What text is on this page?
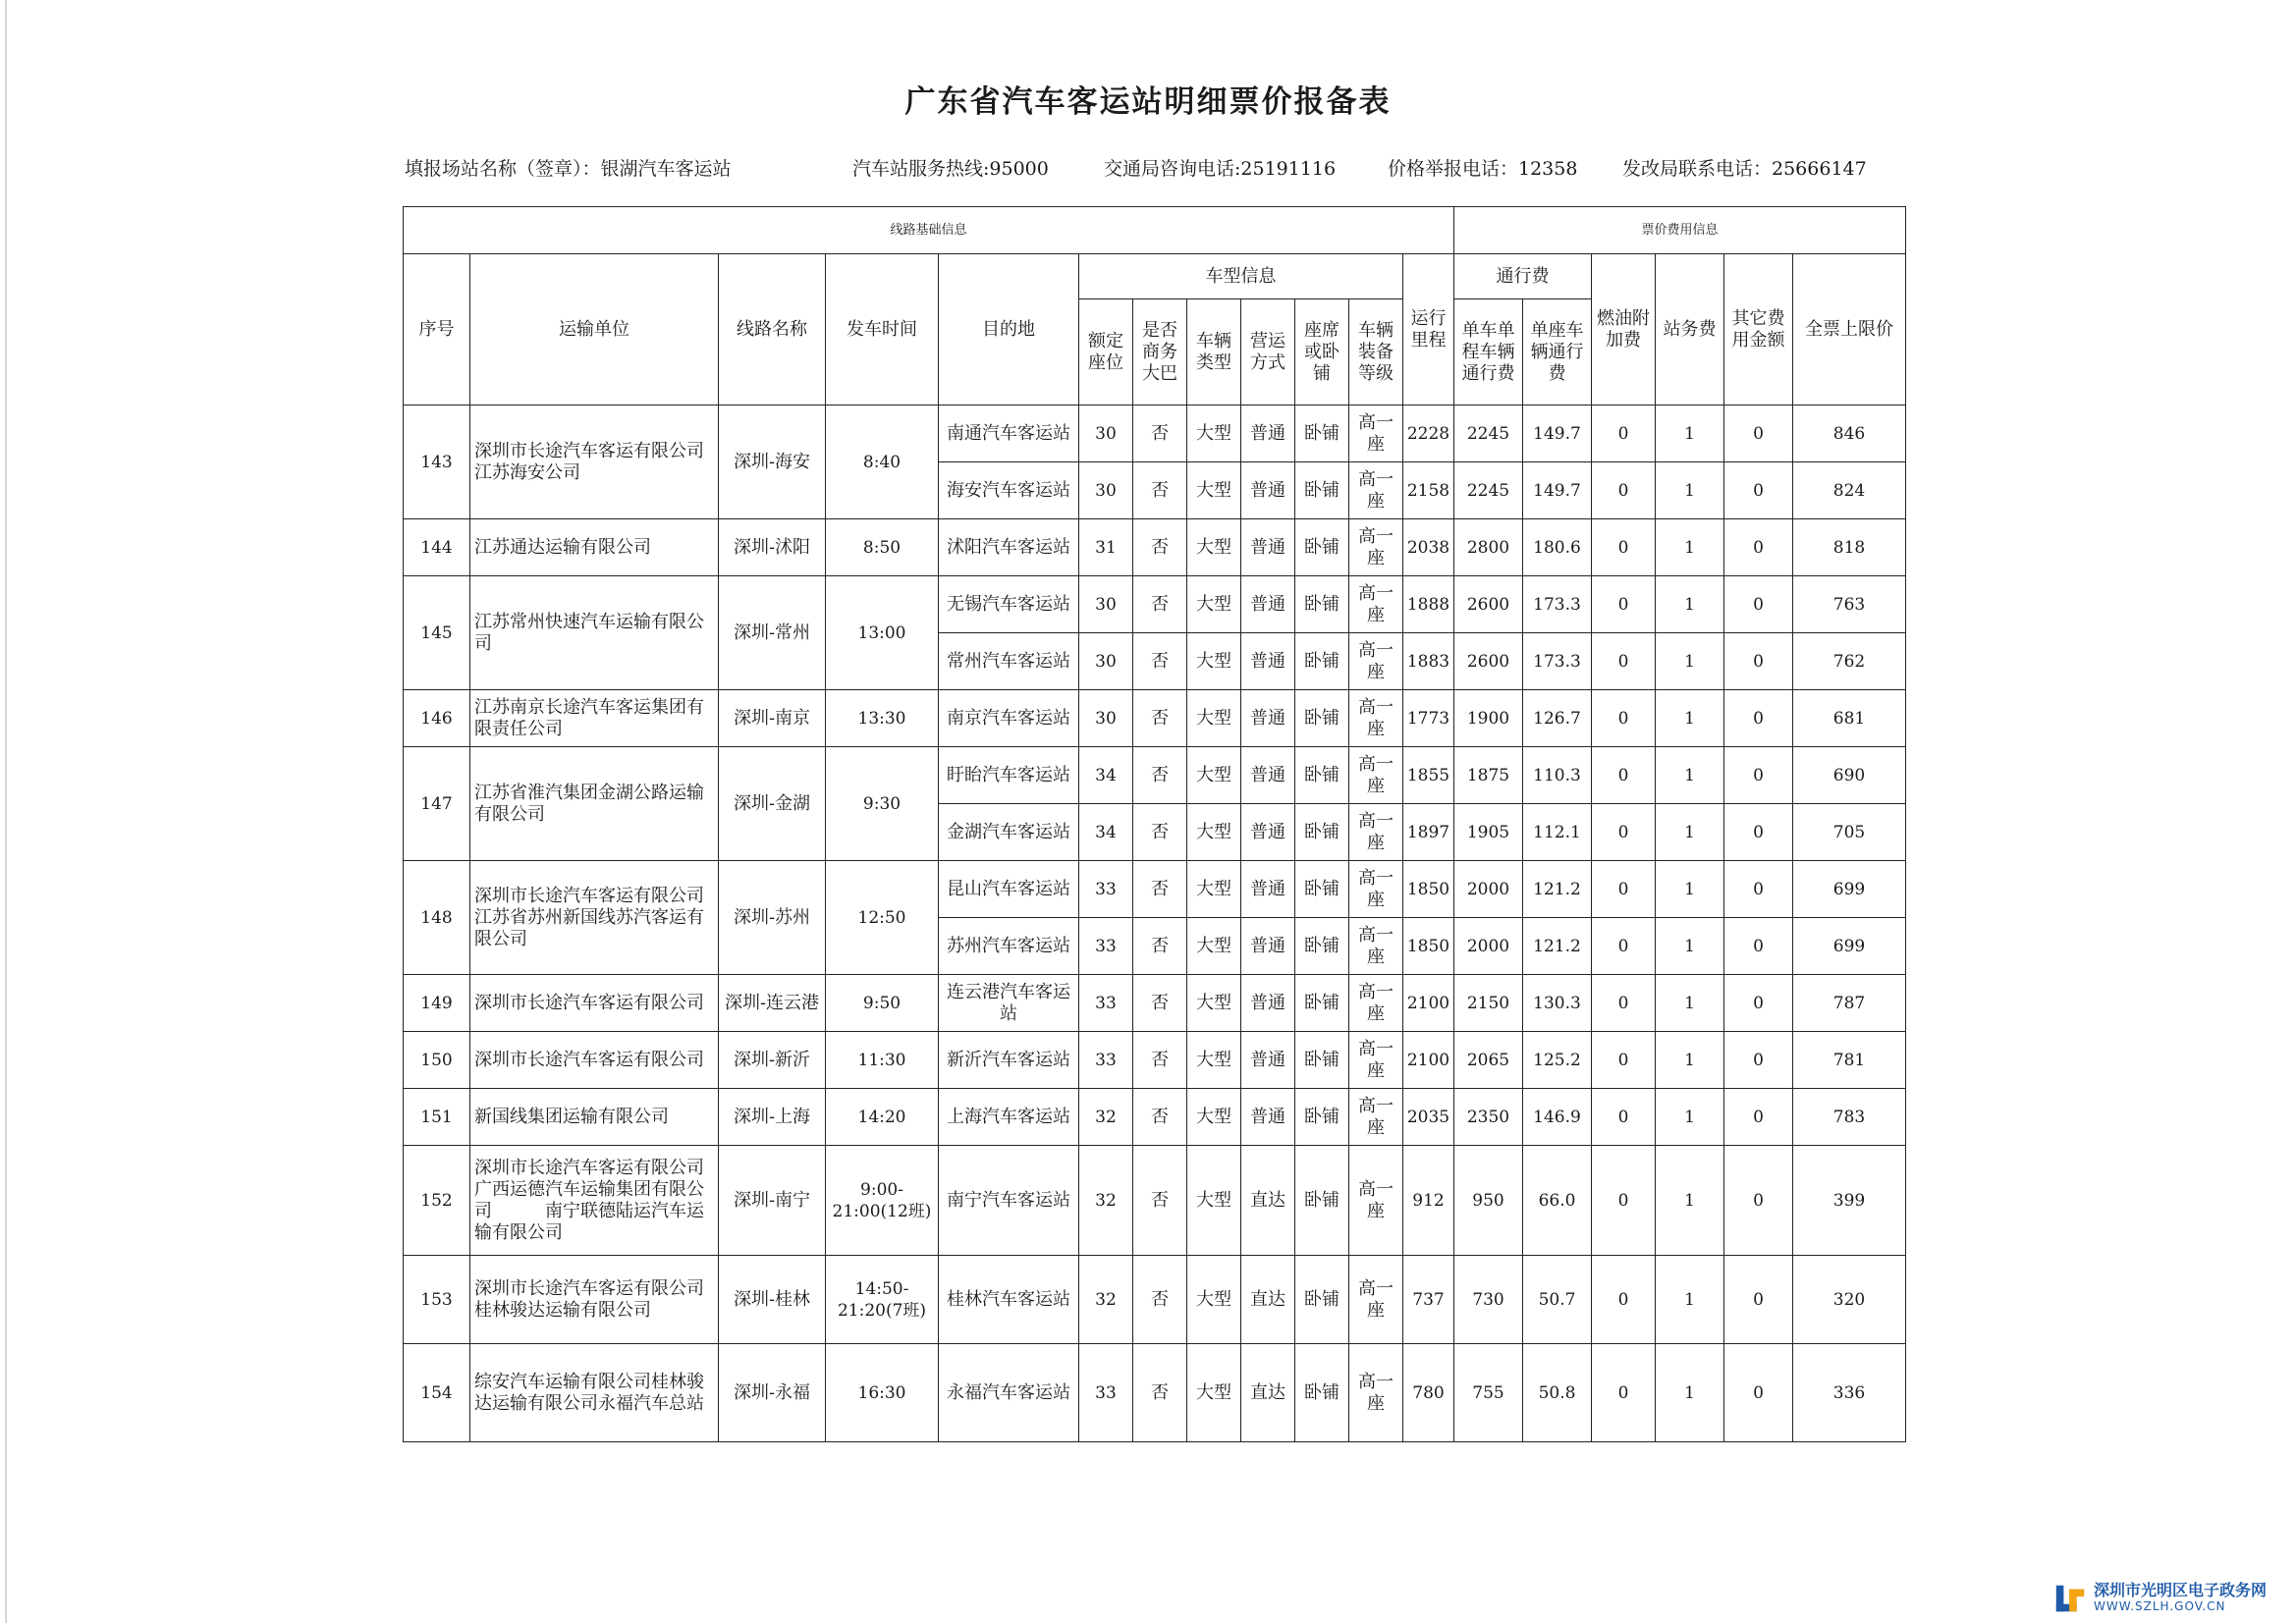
广东省汽车客运站明细票价报备表
填报场站名称（签章）：银湖汽车客运站	汽车站服务热线:95000	交通局咨询电话:25191116	价格举报电话：12358 发改局联系电话：25666147
线路基础信息												票价费用信息					
序号	运输单位	线路名称	发车时间	目的地	车型信息						运行里程	通行费		燃油附加费	站务费	其它费用金额	全票上限价
					额定座位	是否商务大巴	车辆类型	营运方式	座席或卧铺	车辆装备等级		单车单程车辆通行费	单座车辆通行费				
143	深圳市长途汽车客运有限公司江苏海安公司	深圳-海安	8:40	南通汽车客运站	30	否	大型	普通	卧铺	高一座	2228	2245	149.7	0	1	0	846
				海安汽车客运站	30	否	大型	普通	卧铺	高一座	2158	2245	149.7	0	1	0	824
144	江苏通达运输有限公司	深圳-沭阳	8:50	沭阳汽车客运站	31	否	大型	普通	卧铺	高一座	2038	2800	180.6	0	1	0	818
145	江苏常州快速汽车运输有限公司	深圳-常州	13:00	无锡汽车客运站	30	否	大型	普通	卧铺	高一座	1888	2600	173.3	0	1	0	763
				常州汽车客运站	30	否	大型	普通	卧铺	高一座	1883	2600	173.3	0	1	0	762
146	江苏南京长途汽车客运集团有限责任公司	深圳-南京	13:30	南京汽车客运站	30	否	大型	普通	卧铺	高一座	1773	1900	126.7	0	1	0	681
147	江苏省淮汽集团金湖公路运输有限公司	深圳-金湖	9:30	盱眙汽车客运站	34	否	大型	普通	卧铺	高一座	1855	1875	110.3	0	1	0	690
				金湖汽车客运站	34	否	大型	普通	卧铺	高一座	1897	1905	112.1	0	1	0	705
148	深圳市长途汽车客运有限公司江苏省苏州新国线苏汽客运有限公司	深圳-苏州	12:50	昆山汽车客运站	33	否	大型	普通	卧铺	高一座	1850	2000	121.2	0	1	0	699
				苏州汽车客运站	33	否	大型	普通	卧铺	高一座	1850	2000	121.2	0	1	0	699
149	深圳市长途汽车客运有限公司	深圳-连云港	9:50	连云港汽车客运站	33	否	大型	普通	卧铺	高一座	2100	2150	130.3	0	1	0	787
150	深圳市长途汽车客运有限公司	深圳-新沂	11:30	新沂汽车客运站	33	否	大型	普通	卧铺	高一座	2100	2065	125.2	0	1	0	781
151	新国线集团运输有限公司	深圳-上海	14:20	上海汽车客运站	32	否	大型	普通	卧铺	高一座	2035	2350	146.9	0	1	0	783
152	深圳市长途汽车客运有限公司广西运德汽车运输集团有限公司　　　南宁联德陆运汽车运输有限公司	深圳-南宁	9:00-21:00(12班)	南宁汽车客运站	32	否	大型	直达	卧铺	高一座	912	950	66.0	0	1	0	399
153	深圳市长途汽车客运有限公司桂林骏达运输有限公司	深圳-桂林	14:50-21:20(7班)	桂林汽车客运站	32	否	大型	直达	卧铺	高一座	737	730	50.7	0	1	0	320
154	综安汽车运输有限公司桂林骏达运输有限公司永福汽车总站	深圳-永福	16:30	永福汽车客运站	33	否	大型	直达	卧铺	高一座	780	755	50.8	0	1	0	336
深圳市光明区电子政务网
WWW.SZLH.GOV.CN
